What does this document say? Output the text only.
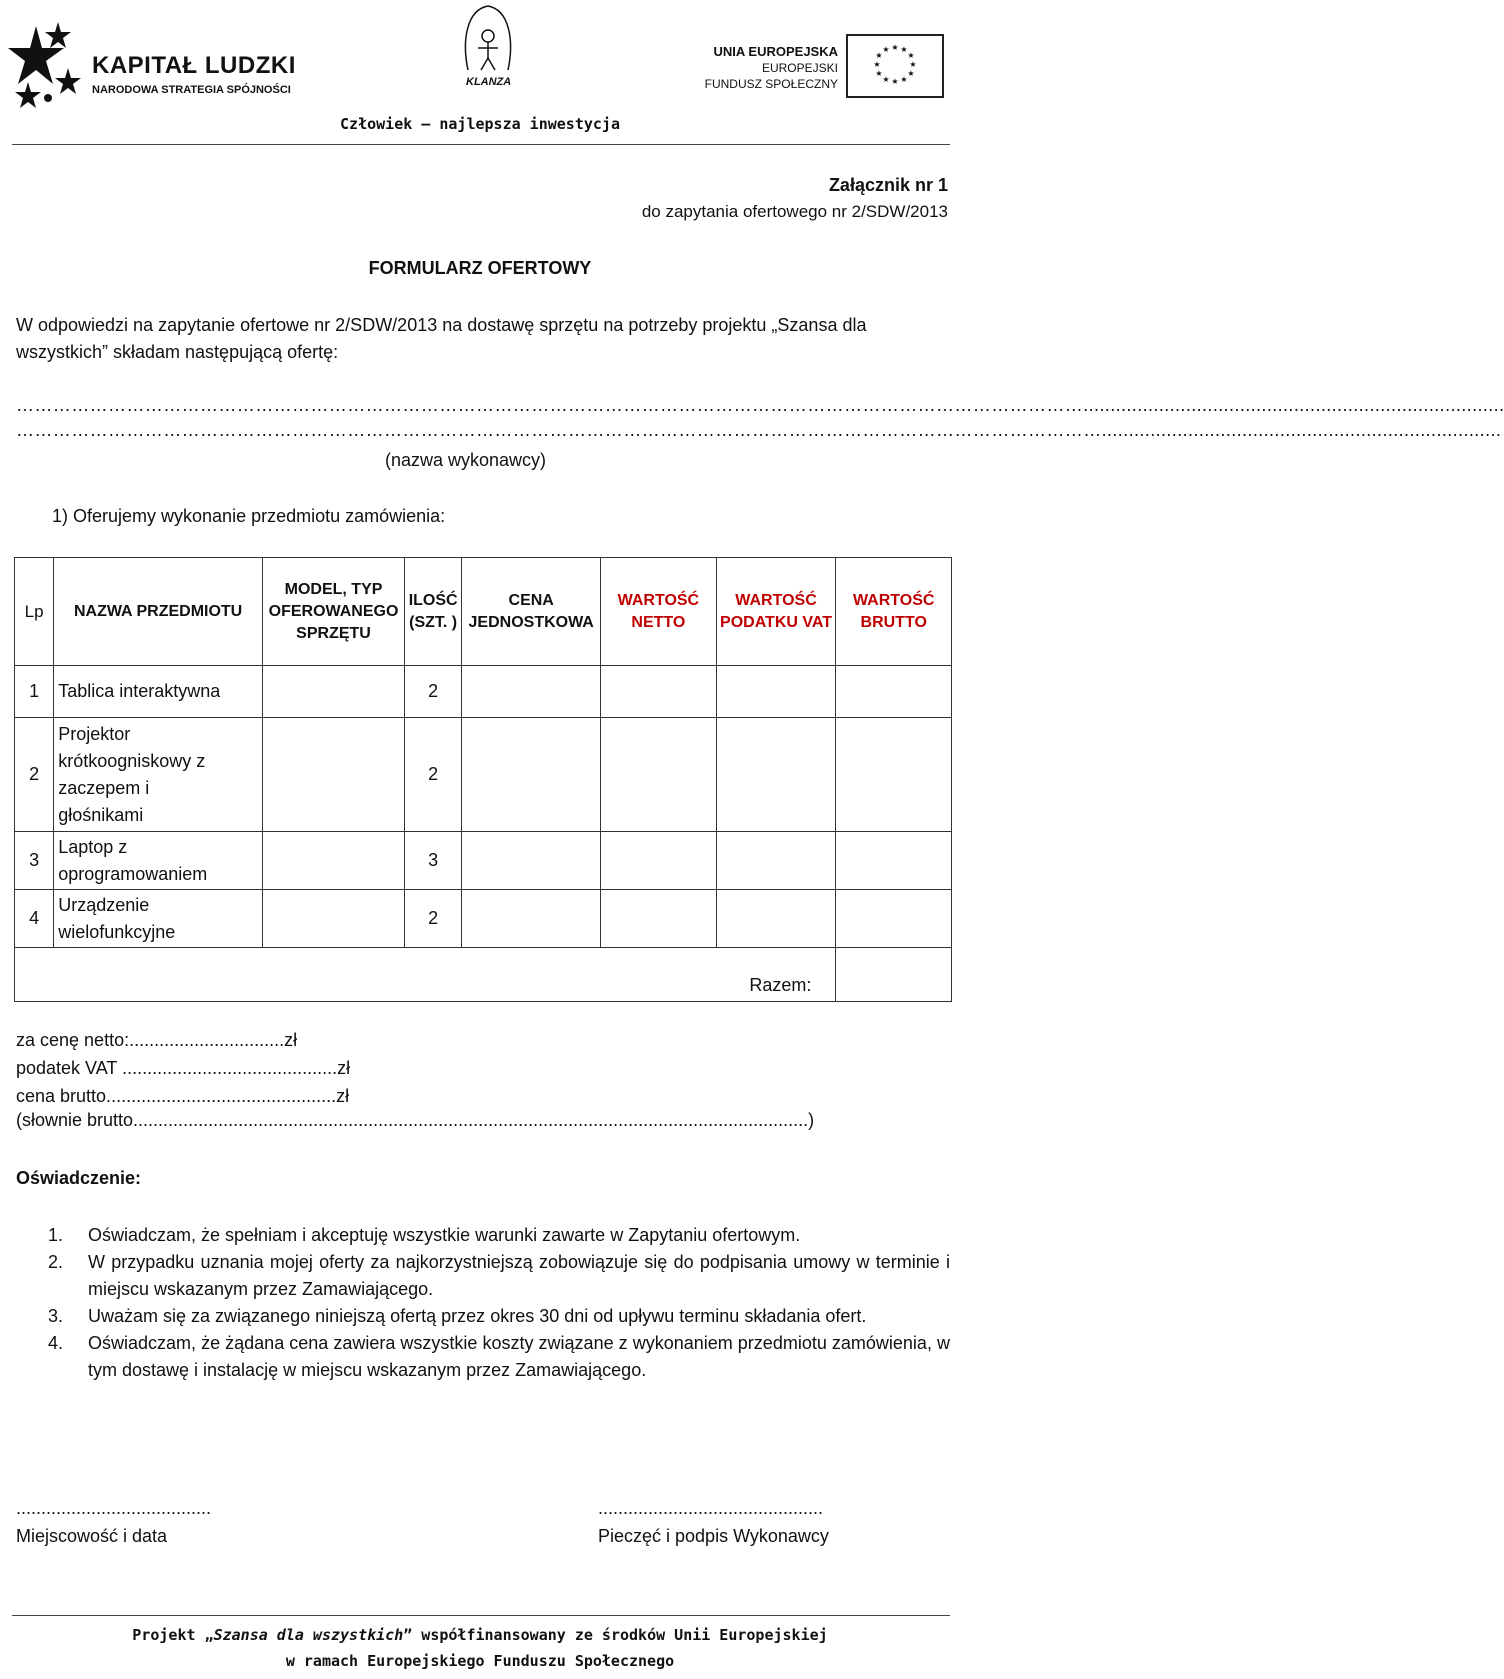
KAPITAŁ LUDZKI
NARODOWA STRATEGIA SPÓJNOŚCI
KLANZA
UNIA EUROPEJSKA
EUROPEJSKI
FUNDUSZ SPOŁECZNY
★ ★
★
★
★
★
★
★
★
★
★
★
Człowiek – najlepsza inwestycja
Załącznik nr 1
do zapytania ofertowego nr 2/SDW/2013
FORMULARZ OFERTOWY
W odpowiedzi na zapytanie ofertowe nr 2/SDW/2013 na dostawę sprzętu na potrzeby projektu „Szansa dla wszystkich” składam następującą ofertę:
…………………………………………………………………………………………………………………………………………………………..............................................................................
……………………………………………………………………………………………………………………………………………………………..........................................................................
(nazwa wykonawcy)
1) Oferujemy wykonanie przedmiotu zamówienia:
Lp	NAZWA PRZEDMIOTU	MODEL, TYP OFEROWANEGO SPRZĘTU	ILOŚĆ (SZT. )	CENA JEDNOSTKOWA	WARTOŚĆ NETTO	WARTOŚĆ PODATKU VAT	WARTOŚĆ BRUTTO
1	Tablica interaktywna		2				
2	Projektor krótkoogniskowy z zaczepem i głośnikami		2				
3	Laptop z oprogramowaniem		3				
4	Urządzenie wielofunkcyjne		2				
Razem:							
za cenę netto:...............................zł
podatek VAT ...........................................zł
cena brutto..............................................zł
(słownie brutto.......................................................................................................................................)
Oświadczenie:
1.	Oświadczam, że spełniam i akceptuję wszystkie warunki zawarte w Zapytaniu ofertowym.
2.	W przypadku uznania mojej oferty za najkorzystniejszą zobowiązuje się do podpisania umowy w terminie i miejscu wskazanym przez Zamawiającego.
3.	Uważam się za związanego niniejszą ofertą przez okres 30 dni od upływu terminu składania ofert.
4.	Oświadczam, że żądana cena zawiera wszystkie koszty związane z wykonaniem przedmiotu zamówienia, w tym dostawę i instalację w miejscu wskazanym przez Zamawiającego.
.......................................	.............................................
Miejscowość i data	Pieczęć i podpis Wykonawcy
Projekt „Szansa dla wszystkich” współfinansowany ze środków Unii Europejskiej
w ramach Europejskiego Funduszu Społecznego
